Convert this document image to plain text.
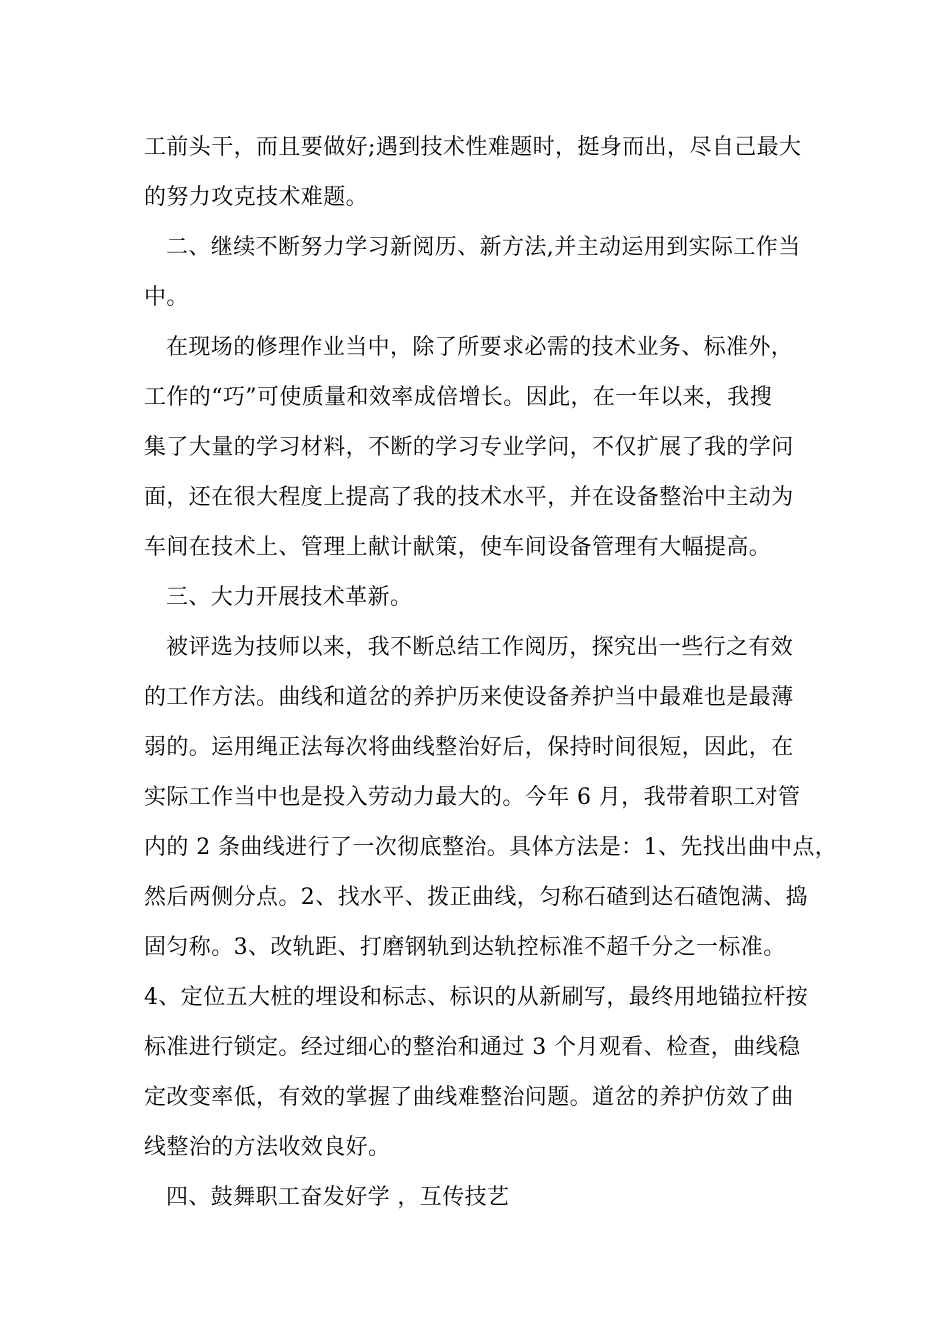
工前头干，而且要做好;遇到技术性难题时，挺身而出，尽自己最大
的努力攻克技术难题。
二、继续不断努力学习新阅历、新方法,并主动运用到实际工作当
中。
在现场的修理作业当中，除了所要求必需的技术业务、标准外，
工作的“巧”可使质量和效率成倍增长。因此，在一年以来，我搜
集了大量的学习材料，不断的学习专业学问，不仅扩展了我的学问
面，还在很大程度上提高了我的技术水平，并在设备整治中主动为
车间在技术上、管理上献计献策，使车间设备管理有大幅提高。
三、大力开展技术革新。
被评选为技师以来，我不断总结工作阅历，探究出一些行之有效
的工作方法。曲线和道岔的养护历来使设备养护当中最难也是最薄
弱的。运用绳正法每次将曲线整治好后，保持时间很短，因此，在
实际工作当中也是投入劳动力最大的。今年 6 月，我带着职工对管
内的 2 条曲线进行了一次彻底整治。具体方法是：1、先找出曲中点，
然后两侧分点。2、找水平、拨正曲线，匀称石碴到达石碴饱满、捣
固匀称。3、改轨距、打磨钢轨到达轨控标准不超千分之一标准。
4、定位五大桩的埋设和标志、标识的从新刷写，最终用地锚拉杆按
标准进行锁定。经过细心的整治和通过 3 个月观看、检查，曲线稳
定改变率低，有效的掌握了曲线难整治问题。道岔的养护仿效了曲
线整治的方法收效良好。
四、鼓舞职工奋发好学 ，互传技艺
